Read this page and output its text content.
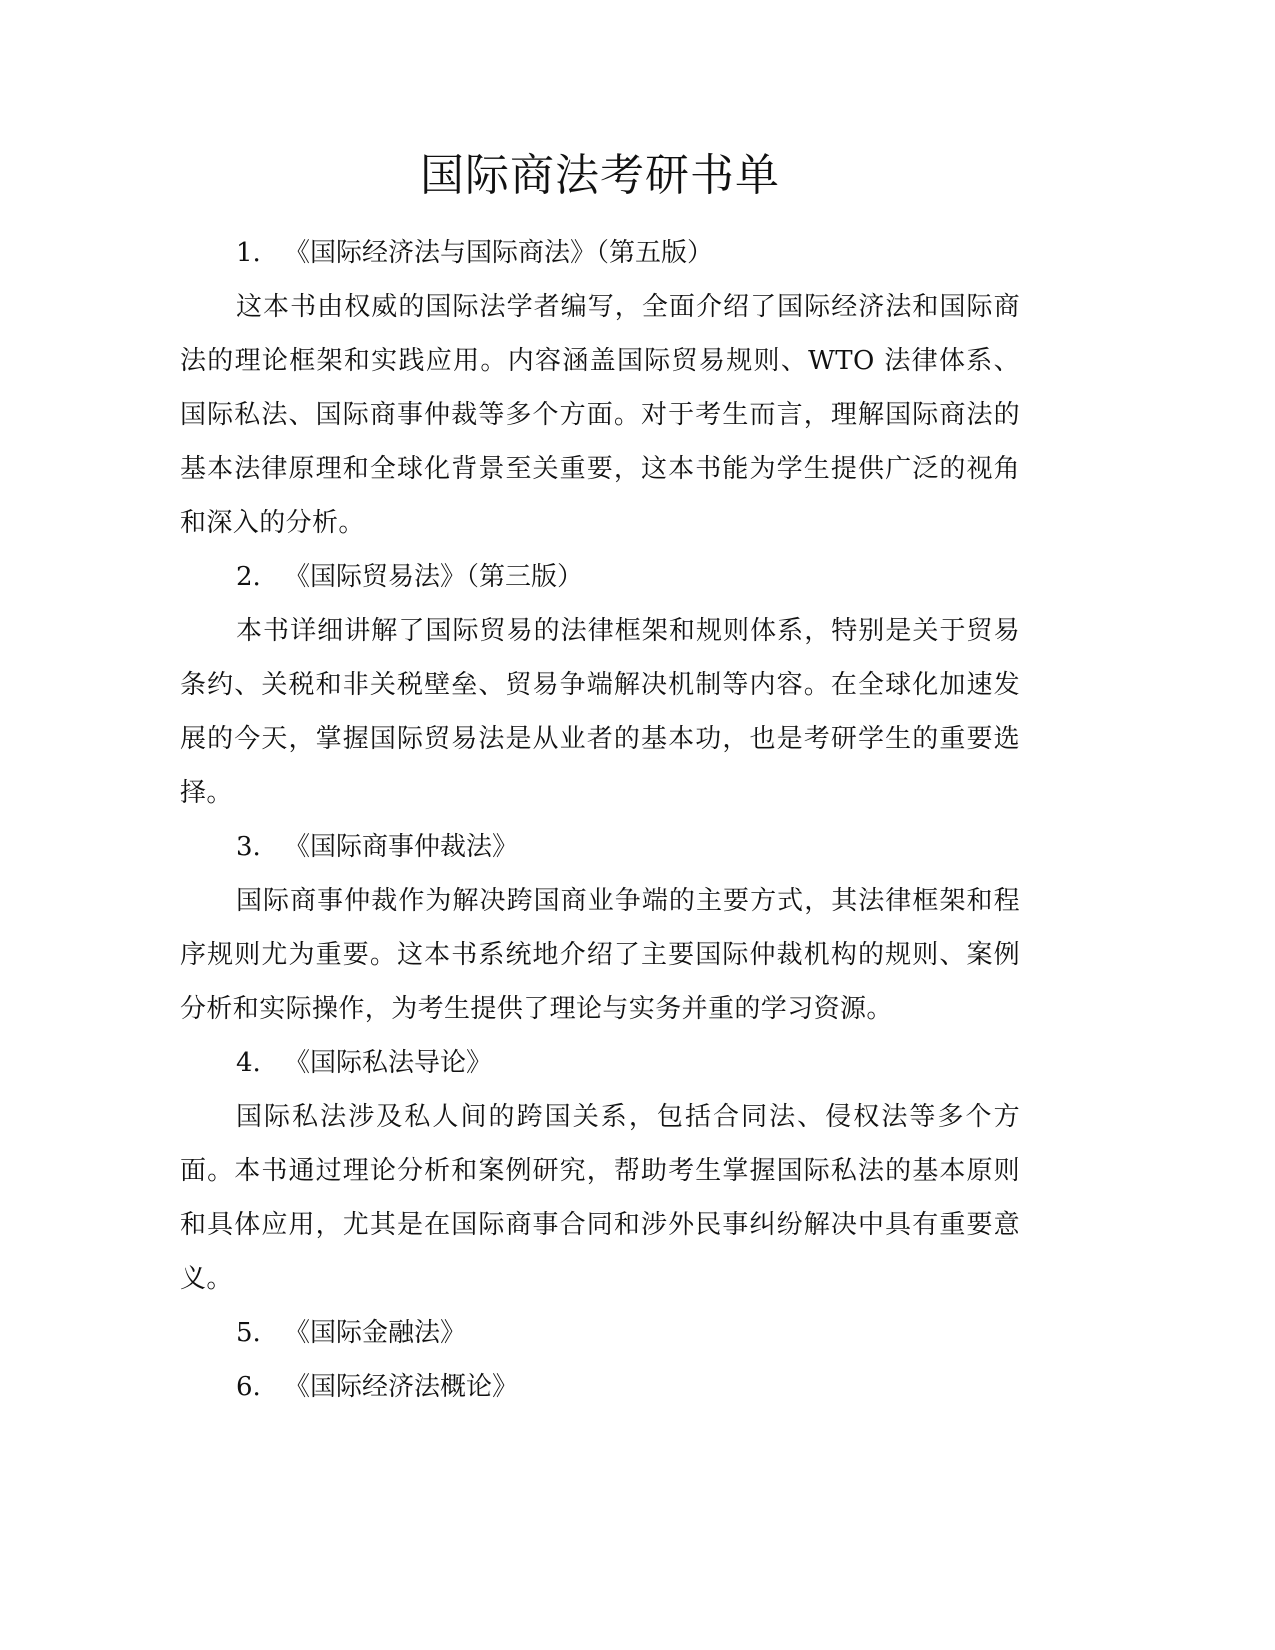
国际商法考研书单

1. 《国际经济法与国际商法》（第五版）

这本书由权威的国际法学者编写，全面介绍了国际经济法和国际商法的理论框架和实践应用。内容涵盖国际贸易规则、WTO 法律体系、国际私法、国际商事仲裁等多个方面。对于考生而言，理解国际商法的基本法律原理和全球化背景至关重要，这本书能为学生提供广泛的视角和深入的分析。

2. 《国际贸易法》（第三版）

本书详细讲解了国际贸易的法律框架和规则体系，特别是关于贸易条约、关税和非关税壁垒、贸易争端解决机制等内容。在全球化加速发展的今天，掌握国际贸易法是从业者的基本功，也是考研学生的重要选择。

3. 《国际商事仲裁法》

国际商事仲裁作为解决跨国商业争端的主要方式，其法律框架和程序规则尤为重要。这本书系统地介绍了主要国际仲裁机构的规则、案例分析和实际操作，为考生提供了理论与实务并重的学习资源。

4. 《国际私法导论》

国际私法涉及私人间的跨国关系，包括合同法、侵权法等多个方面。本书通过理论分析和案例研究，帮助考生掌握国际私法的基本原则和具体应用，尤其是在国际商事合同和涉外民事纠纷解决中具有重要意义。

5. 《国际金融法》

6. 《国际经济法概论》
